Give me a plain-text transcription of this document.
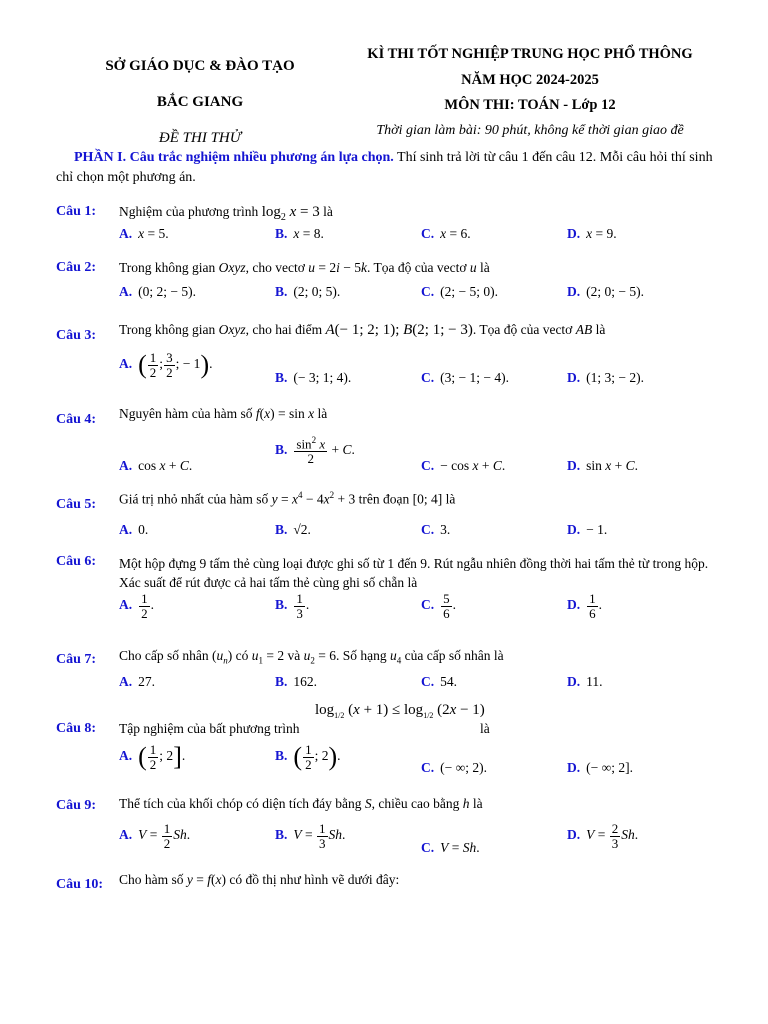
SỞ GIÁO DỤC & ĐÀO TẠO
BẮC GIANG
ĐỀ THI THỬ
KÌ THI TỐT NGHIỆP TRUNG HỌC PHỔ THÔNG
NĂM HỌC 2024-2025
MÔN THI: TOÁN - Lớp 12
Thời gian làm bài: 90 phút, không kể thời gian giao đề
PHẦN I. Câu trắc nghiệm nhiều phương án lựa chọn. Thí sinh trả lời từ câu 1 đến câu 12. Mỗi câu hỏi thí sinh chỉ chọn một phương án.
Câu 1: Nghiệm của phương trình $\log_2 x = 3$ là
A. x = 5.	B. x = 8.	C. x = 6.	D. x = 9.
Câu 2: Trong không gian Oxyz, cho vectơ u = 2i − 5k. Tọa độ của vectơ u là
A. (0; 2; − 5).	B. (2; 0; 5).	C. (2; − 5; 0).	D. (2; 0; − 5).
Câu 3: Trong không gian Oxyz, cho hai điểm A(− 1; 2; 1); B(2; 1; − 3). Tọa độ của vectơ AB là
A. ( $\frac{1}{2}$ ; $\frac{3}{2}$ ; − 1).
B. (− 3; 1; 4).	C. (3; − 1; − 4).	D. (1; 3; − 2).
Câu 4: Nguyên hàm của hàm số f(x) = sin x là
A. cos x + C.
B. $\frac{\sin^2 x}{2} + C$.
C. − cos x + C.	D. sin x + C.
Câu 5: Giá trị nhỏ nhất của hàm số $y = x^4 - 4x^2 + 3$ trên đoạn [0; 4] là
A. 0.	B. √2.	C. 3.	D. − 1.
Câu 6: Một hộp đựng 9 tấm thẻ cùng loại được ghi số từ 1 đến 9. Rút ngẫu nhiên đồng thời hai tấm thẻ từ trong hộp. Xác suất để rút được cả hai tấm thẻ cùng ghi số chẵn là
A. $\frac{1}{2}$ .	B. $\frac{1}{3}$ .	C. $\frac{5}{6}$ .	D. $\frac{1}{6}$ .
Câu 7: Cho cấp số nhân $(u_n)$ có $u_1 = 2$ và $u_2 = 6$. Số hạng $u_4$ của cấp số nhân là
A. 27.	B. 162.	C. 54.	D. 11.
$\log_{1/2} (x + 1) \le \log_{1/2} (2x - 1)$
Câu 8: Tập nghiệm của bất phương trình	là
A. ( $\frac{1}{2}$ ; 2].	B. ( $\frac{1}{2}$ ; 2).
C. (− ∞; 2).	D. (− ∞; 2].
Câu 9: Thể tích của khối chóp có diện tích đáy bằng S, chiều cao bằng h là
A. $V = \frac{1}{2} Sh$.	B. $V = \frac{1}{3} Sh$.
C. V = Sh.
D. $V = \frac{2}{3} Sh$.
Câu 10: Cho hàm số y = f(x) có đồ thị như hình vẽ dưới đây:
